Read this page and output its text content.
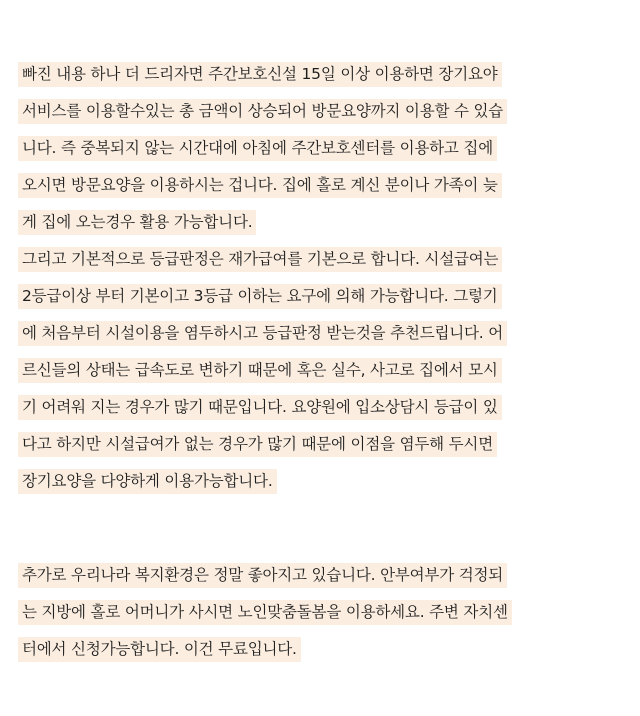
빠진 내용 하나 더 드리자면 주간보호신설 15일 이상 이용하면 장기요야
서비스를 이용할수있는 총 금액이 상승되어 방문요양까지 이용할 수 있습
니다. 즉 중복되지 않는 시간대에 아침에 주간보호센터를 이용하고 집에
오시면 방문요양을 이용하시는 겁니다. 집에 홀로 계신 분이나 가족이 늦
게 집에 오는경우 활용 가능합니다.
그리고 기본적으로 등급판정은 재가급여를 기본으로 합니다. 시설급여는
2등급이상 부터 기본이고 3등급 이하는 요구에 의해 가능합니다. 그렇기
에 처음부터 시설이용을 염두하시고 등급판정 받는것을 추천드립니다. 어
르신들의 상태는 급속도로 변하기 때문에 혹은 실수, 사고로 집에서 모시
기 어려워 지는 경우가 많기 때문입니다. 요양원에 입소상담시 등급이 있
다고 하지만 시설급여가 없는 경우가 많기 때문에 이점을 염두해 두시면
장기요양을 다양하게 이용가능합니다.
추가로 우리나라 복지환경은 정말 좋아지고 있습니다. 안부여부가 걱정되
는 지방에 홀로 어머니가 사시면 노인맞춤돌봄을 이용하세요. 주변 자치센
터에서 신청가능합니다. 이건 무료입니다.
